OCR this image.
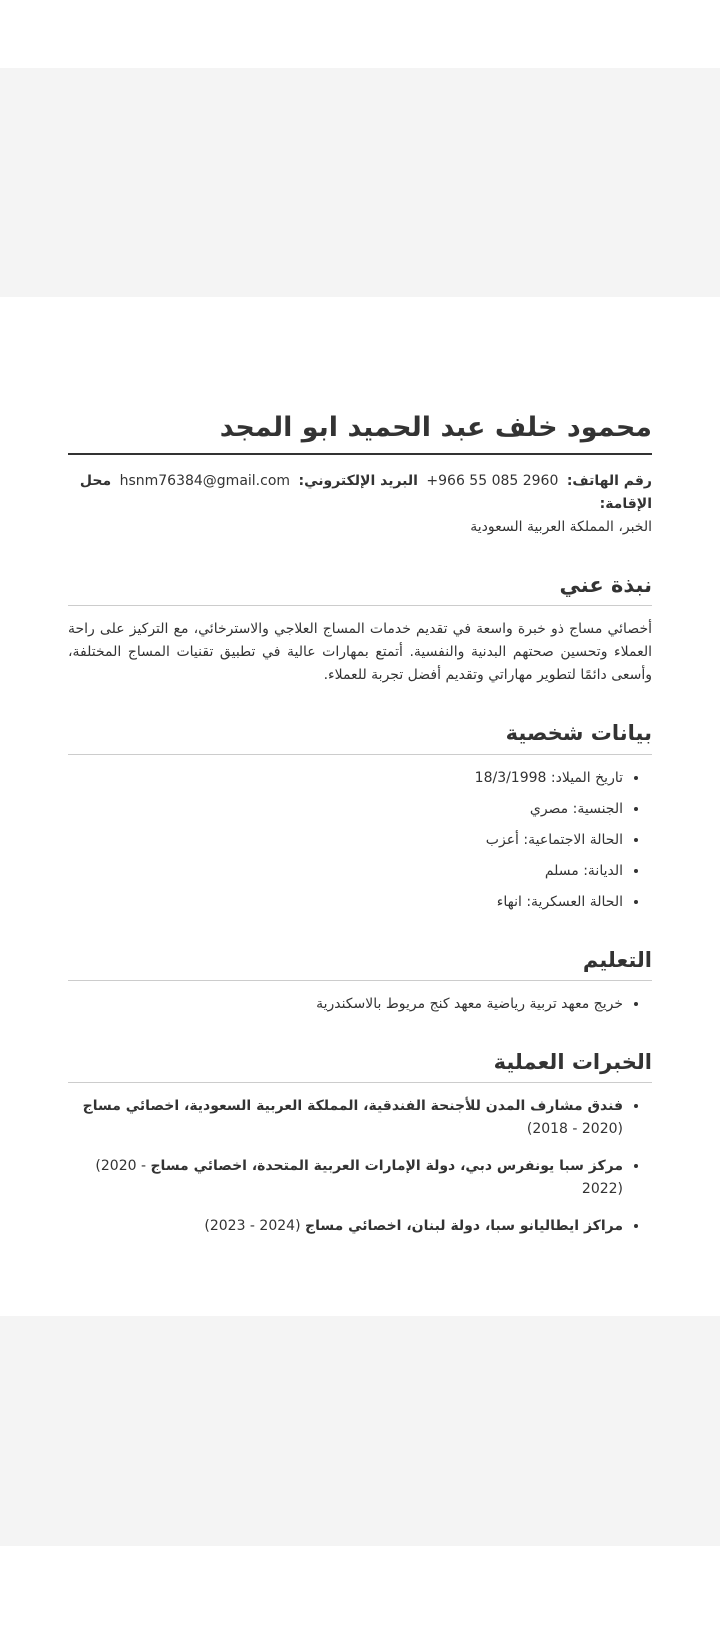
محمود خلف عبد الحميد ابو المجد

رقم الهاتف: +966 55 085 2960 البريد الإلكتروني: hsnm76384@gmail.com محل الإقامة:
الخبر، المملكة العربية السعودية

نبذة عني

أخصائي مساج ذو خبرة واسعة في تقديم خدمات المساج العلاجي والاسترخائي، مع التركيز على راحة العملاء وتحسين صحتهم البدنية والنفسية. أتمتع بمهارات عالية في تطبيق تقنيات المساج المختلفة، وأسعى دائمًا لتطوير مهاراتي وتقديم أفضل تجربة للعملاء.

بيانات شخصية
• تاريخ الميلاد: 18/3/1998
• الجنسية: مصري
• الحالة الاجتماعية: أعزب
• الديانة: مسلم
• الحالة العسكرية: انهاء
التعليم
• خريج معهد تربية رياضية معهد كنج مريوط بالاسكندرية
الخبرات العملية
• فندق مشارف المدن للأجنحة الفندقية، المملكة العربية السعودية، اخصائي مساج (2018 - 2020)
• مركز سبا يونفرس دبي، دولة الإمارات العربية المتحدة، اخصائي مساج (2020 - 2022)
• مراكز ايطاليانو سبا، دولة لبنان، اخصائي مساج (2023 - 2024)
